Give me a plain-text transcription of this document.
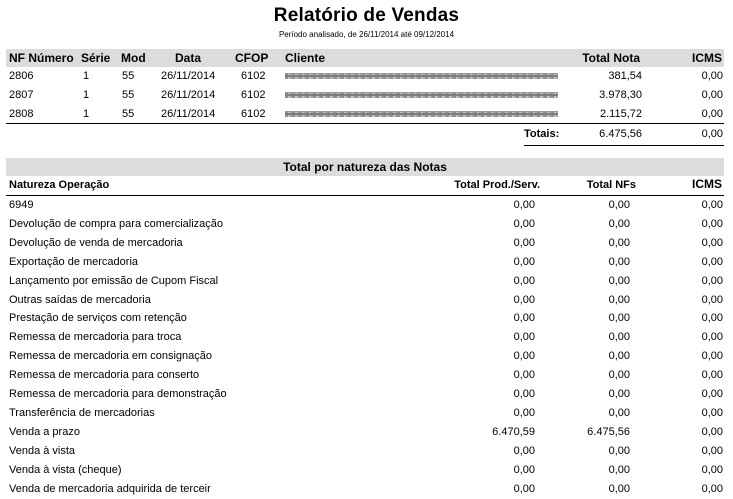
Relatório de Vendas
Período analisado, de 26/11/2014 até 09/12/2014
NF Número Série Mod Data	CFOP Cliente	Total Nota	ICMS
2806	1	55 26/11/2014 6102	381,54	0,00
2807	1	55 26/11/2014 6102	3.978,30	0,00
2808	1	55 26/11/2014 6102	2.115,72	0,00
Totais:	6.475,56	0,00
Total por natureza das Notas
Natureza Operação	Total Prod./Serv.	Total NFs	ICMS
6949	0,00	0,00	0,00
Devolução de compra para comercialização	0,00	0,00	0,00
Devolução de venda de mercadoria	0,00	0,00	0,00
Exportação de mercadoria	0,00	0,00	0,00
Lançamento por emissão de Cupom Fiscal	0,00	0,00	0,00
Outras saídas de mercadoria	0,00	0,00	0,00
Prestação de serviços com retenção	0,00	0,00	0,00
Remessa de mercadoria para troca	0,00	0,00	0,00
Remessa de mercadoria em consignação	0,00	0,00	0,00
Remessa de mercadoria para conserto	0,00	0,00	0,00
Remessa de mercadoria para demonstração	0,00	0,00	0,00
Transferência de mercadorias	0,00	0,00	0,00
Venda a prazo	6.470,59	6.475,56	0,00
Venda à vista	0,00	0,00	0,00
Venda à vista (cheque)	0,00	0,00	0,00
Venda de mercadoria adquirida de terceir	0,00	0,00	0,00
